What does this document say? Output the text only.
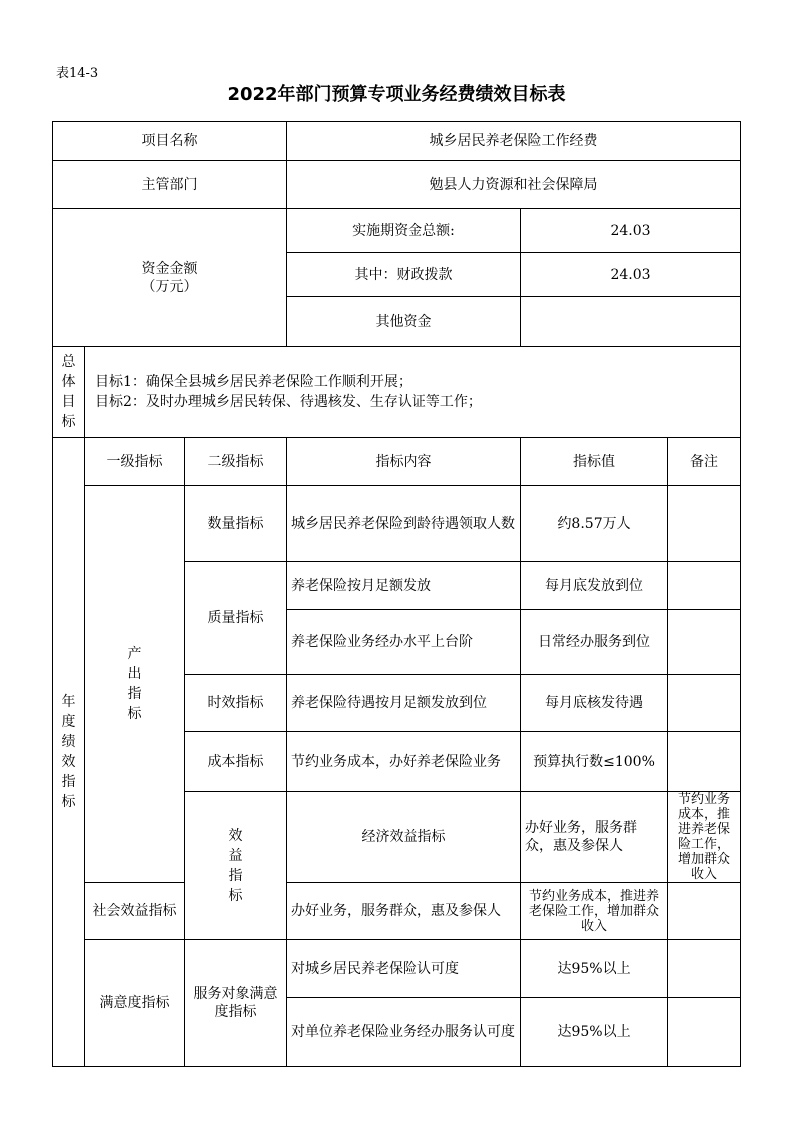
表14-3
2022年部门预算专项业务经费绩效目标表
项目名称			城乡居民养老保险工作经费			
主管部门			勉县人力资源和社会保障局			

资金金额
（万元）			实施期资金总额:	24.03		
			其中：财政拨款	24.03		
			其他资金			
总体目标	目标1：确保全县城乡居民养老保险工作顺利开展；
目标2：及时办理城乡居民转保、待遇核发、生存认证等工作；					

年度绩效指标	一级指标	二级指标	指标内容	指标值	备注	
	产出指标	数量指标	城乡居民养老保险到龄待遇领取人数	约8.57万人		
		质量指标	养老保险按月足额发放	每月底发放到位		
			养老保险业务经办水平上台阶	日常经办服务到位		
		时效指标	养老保险待遇按月足额发放到位	每月底核发待遇		
		成本指标	节约业务成本，办好养老保险业务	预算执行数≤100%		
		效益指标	经济效益指标	办好业务，服务群众，惠及参保人	节约业务成本，推进养老保险工作，增加群众收入	
	社会效益指标		办好业务，服务群众，惠及参保人	节约业务成本，推进养老保险工作，增加群众收入		
	满意度指标	服务对象满意度指标	对城乡居民养老保险认可度	达95%以上		
			对单位养老保险业务经办服务认可度	达95%以上		
